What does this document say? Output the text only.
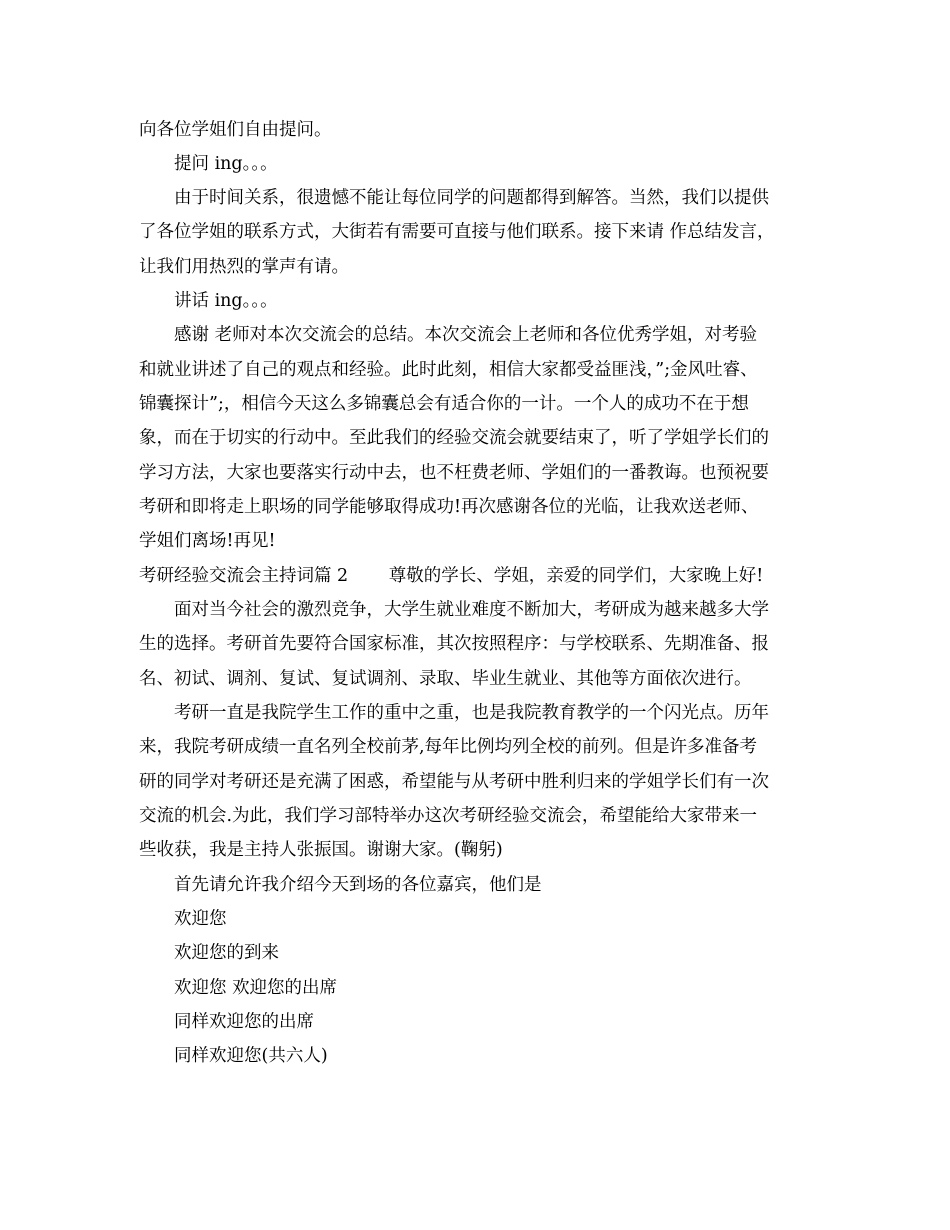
向各位学姐们自由提问。
提问 ing。。。
由于时间关系，很遗憾不能让每位同学的问题都得到解答。当然，我们以提供
了各位学姐的联系方式，大街若有需要可直接与他们联系。接下来请 作总结发言，
让我们用热烈的掌声有请。
讲话 ing。。。
感谢 老师对本次交流会的总结。本次交流会上老师和各位优秀学姐，对考验
和就业讲述了自己的观点和经验。此时此刻，相信大家都受益匪浅，”;金风吐睿、
锦囊探计”;，相信今天这么多锦囊总会有适合你的一计。一个人的成功不在于想
象，而在于切实的行动中。至此我们的经验交流会就要结束了，听了学姐学长们的
学习方法，大家也要落实行动中去，也不枉费老师、学姐们的一番教诲。也预祝要
考研和即将走上职场的同学能够取得成功!再次感谢各位的光临，让我欢送老师、
学姐们离场!再见!
考研经验交流会主持词篇 2　　 尊敬的学长、学姐，亲爱的同学们，大家晚上好!
面对当今社会的激烈竞争，大学生就业难度不断加大，考研成为越来越多大学
生的选择。考研首先要符合国家标准，其次按照程序：与学校联系、先期准备、报
名、初试、调剂、复试、复试调剂、录取、毕业生就业、其他等方面依次进行。
考研一直是我院学生工作的重中之重，也是我院教育教学的一个闪光点。历年
来，我院考研成绩一直名列全校前茅,每年比例均列全校的前列。但是许多准备考
研的同学对考研还是充满了困惑，希望能与从考研中胜利归来的学姐学长们有一次
交流的机会.为此，我们学习部特举办这次考研经验交流会，希望能给大家带来一
些收获，我是主持人张振国。谢谢大家。(鞠躬)
首先请允许我介绍今天到场的各位嘉宾，他们是
欢迎您
欢迎您的到来
欢迎您 欢迎您的出席
同样欢迎您的出席
同样欢迎您(共六人)
